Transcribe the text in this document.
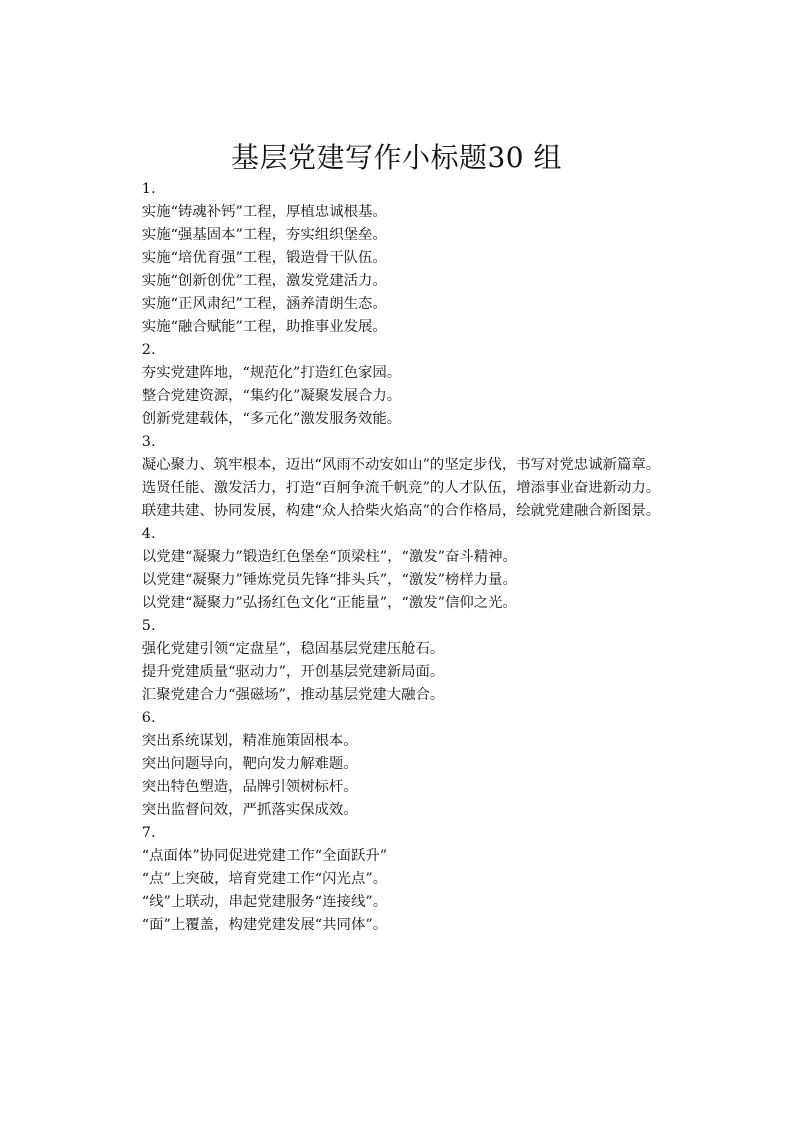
基层党建写作小标题30 组

1.

实施“铸魂补钙”工程，厚植忠诚根基。

实施“强基固本”工程，夯实组织堡垒。

实施“培优育强”工程，锻造骨干队伍。

实施“创新创优”工程，激发党建活力。

实施“正风肃纪”工程，涵养清朗生态。

实施“融合赋能”工程，助推事业发展。

2.

夯实党建阵地，“规范化”打造红色家园。

整合党建资源，“集约化”凝聚发展合力。

创新党建载体，“多元化”激发服务效能。

3.

凝心聚力、筑牢根本，迈出“风雨不动安如山”的坚定步伐，书写对党忠诚新篇章。

选贤任能、激发活力，打造“百舸争流千帆竞”的人才队伍，增添事业奋进新动力。

联建共建、协同发展，构建“众人拾柴火焰高”的合作格局，绘就党建融合新图景。

4.

以党建“凝聚力”锻造红色堡垒“顶梁柱”，“激发”奋斗精神。

以党建“凝聚力”锤炼党员先锋“排头兵”，“激发”榜样力量。

以党建“凝聚力”弘扬红色文化“正能量”，“激发”信仰之光。

5.

强化党建引领“定盘星”，稳固基层党建压舱石。

提升党建质量“驱动力”，开创基层党建新局面。

汇聚党建合力“强磁场”，推动基层党建大融合。

6.

突出系统谋划，精准施策固根本。

突出问题导向，靶向发力解难题。

突出特色塑造，品牌引领树标杆。

突出监督问效，严抓落实保成效。

7.

“点面体”协同促进党建工作“全面跃升”

“点”上突破，培育党建工作“闪光点”。

“线”上联动，串起党建服务“连接线”。

“面”上覆盖，构建党建发展“共同体”。
